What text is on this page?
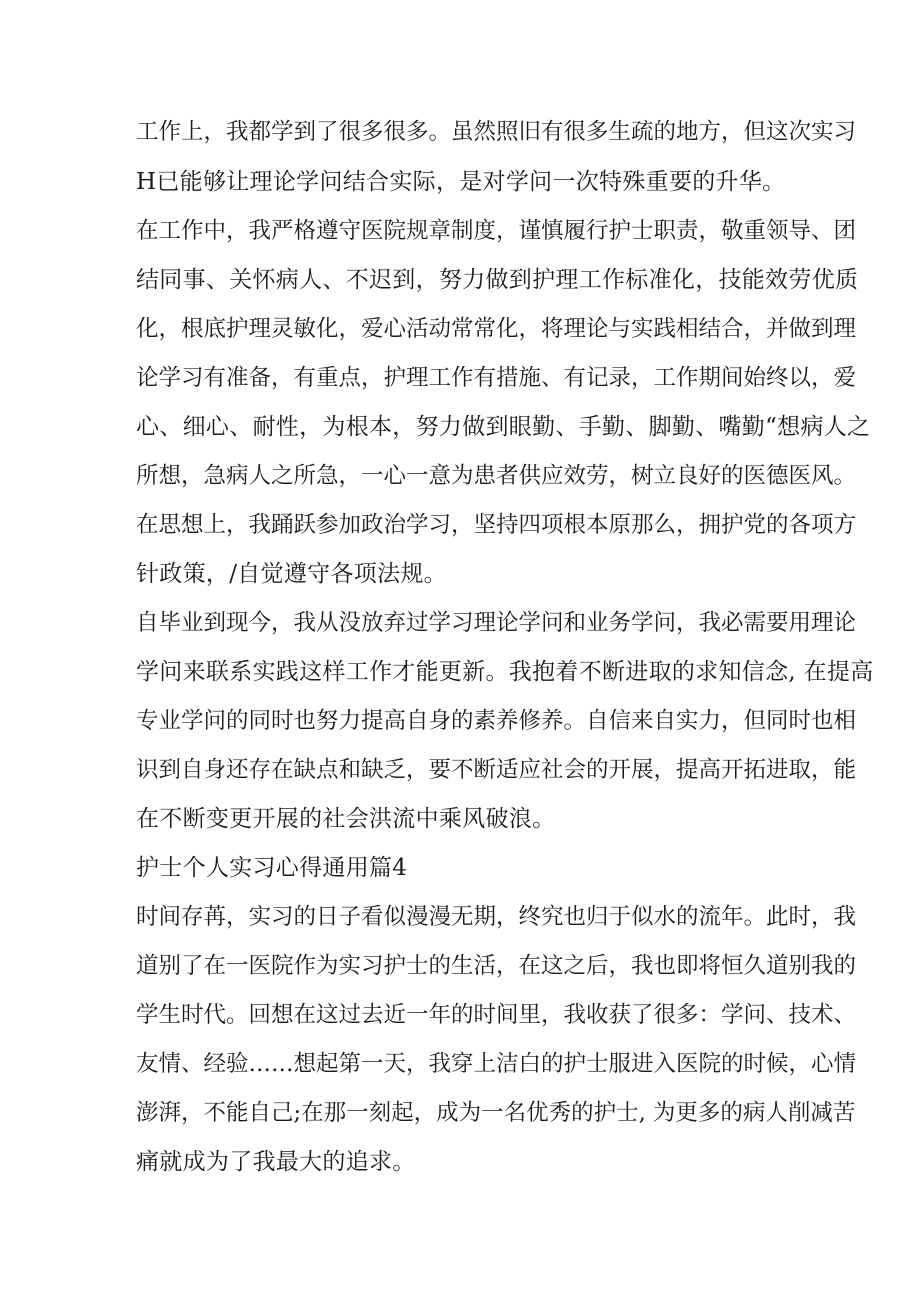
工作上，我都学到了很多很多。虽然照旧有很多生疏的地方，但这次实习

H已能够让理论学问结合实际，是对学问一次特殊重要的升华。

在工作中，我严格遵守医院规章制度，谨慎履行护士职责，敬重领导、团

结同事、关怀病人、不迟到，努力做到护理工作标准化，技能效劳优质

化，根底护理灵敏化，爱心活动常常化，将理论与实践相结合，并做到理

论学习有准备，有重点，护理工作有措施、有记录，工作期间始终以，爱

心、细心、耐性，为根本，努力做到眼勤、手勤、脚勤、嘴勤“想病人之

所想，急病人之所急，一心一意为患者供应效劳，树立良好的医德医风。

在思想上，我踊跃参加政治学习，坚持四项根本原那么，拥护党的各项方

针政策，/自觉遵守各项法规。

自毕业到现今，我从没放弃过学习理论学问和业务学问，我必需要用理论

学问来联系实践这样工作才能更新。我抱着不断进取的求知信念, 在提高

专业学问的同时也努力提高自身的素养修养。自信来自实力，但同时也相

识到自身还存在缺点和缺乏，要不断适应社会的开展，提高开拓进取，能

在不断变更开展的社会洪流中乘风破浪。

护士个人实习心得通用篇4

时间存苒，实习的日子看似漫漫无期，终究也归于似水的流年。此时，我

道别了在一医院作为实习护士的生活，在这之后，我也即将恒久道别我的

学生时代。回想在这过去近一年的时间里，我收获了很多：学问、技术、

友情、经验……想起第一天，我穿上洁白的护士服进入医院的时候，心情

澎湃，不能自己;在那一刻起，成为一名优秀的护士, 为更多的病人削减苦

痛就成为了我最大的追求。
